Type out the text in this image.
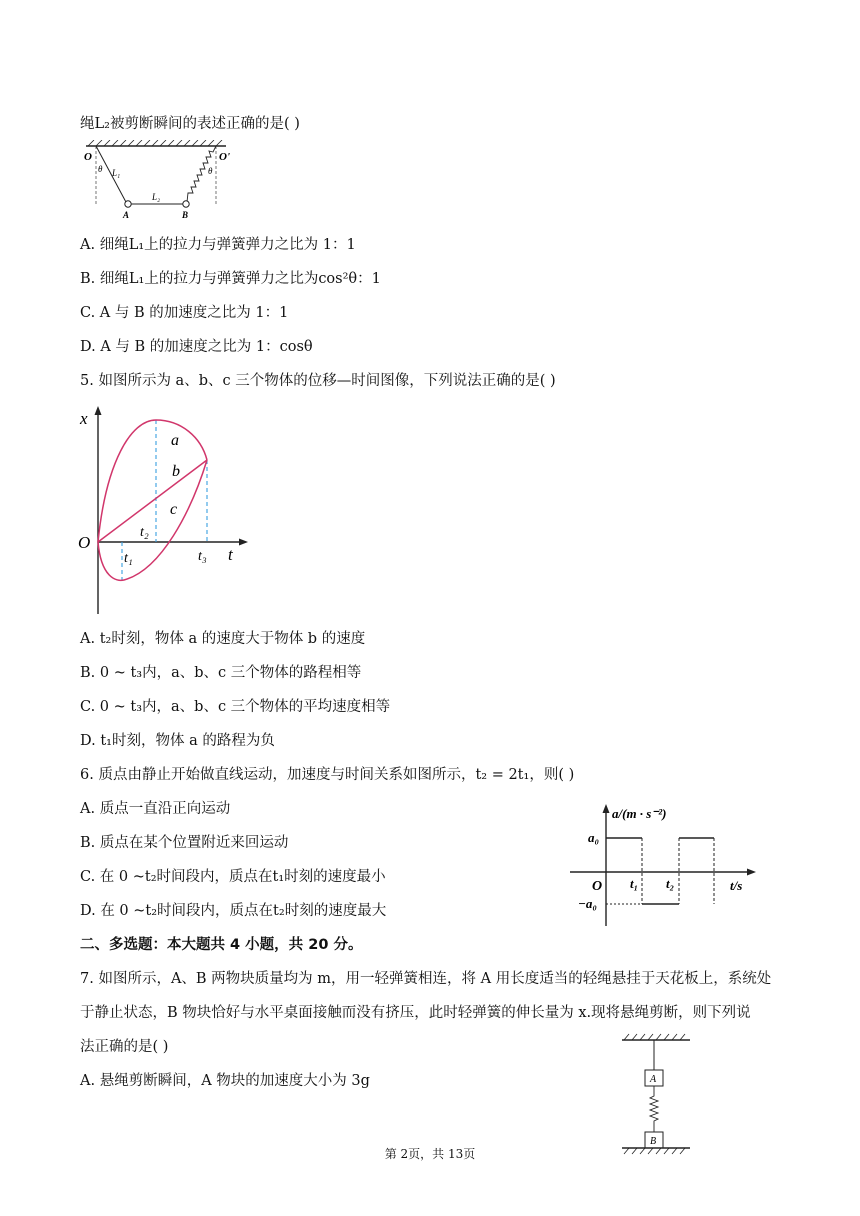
绳L₂被剪断瞬间的表述正确的是( )
O	O'
θ	θ
L₁
L₂
A	B
A. 细绳L₁上的拉力与弹簧弹力之比为 1：1
B. 细绳L₁上的拉力与弹簧弹力之比为cos²θ：1
C. A 与 B 的加速度之比为 1：1
D. A 与 B 的加速度之比为 1：cosθ
5. 如图所示为 a、b、c 三个物体的位移—时间图像，下列说法正确的是( )
x
t
O
a
b
c
t₁
t₂
t₃
A. t₂时刻，物体 a 的速度大于物体 b 的速度
B. 0 ~ t₃内，a、b、c 三个物体的路程相等
C. 0 ~ t₃内，a、b、c 三个物体的平均速度相等
D. t₁时刻，物体 a 的路程为负
6. 质点由静止开始做直线运动，加速度与时间关系如图所示，t₂ = 2t₁，则( )
A. 质点一直沿正向运动
B. 质点在某个位置附近来回运动
C. 在 0 ~t₂时间段内，质点在t₁时刻的速度最小
D. 在 0 ~t₂时间段内，质点在t₂时刻的速度最大
a/(m · s⁻²)
t/s
O
a₀
−a₀
t₁ t₂
二、多选题：本大题共 4 小题，共 20 分。
7. 如图所示，A、B 两物块质量均为 m，用一轻弹簧相连，将 A 用长度适当的轻绳悬挂于天花板上，系统处
于静止状态，B 物块恰好与水平桌面接触而没有挤压，此时轻弹簧的伸长量为 x.现将悬绳剪断，则下列说
法正确的是( )
A. 悬绳剪断瞬间，A 物块的加速度大小为 3g	A
B
第 2页，共 13页
